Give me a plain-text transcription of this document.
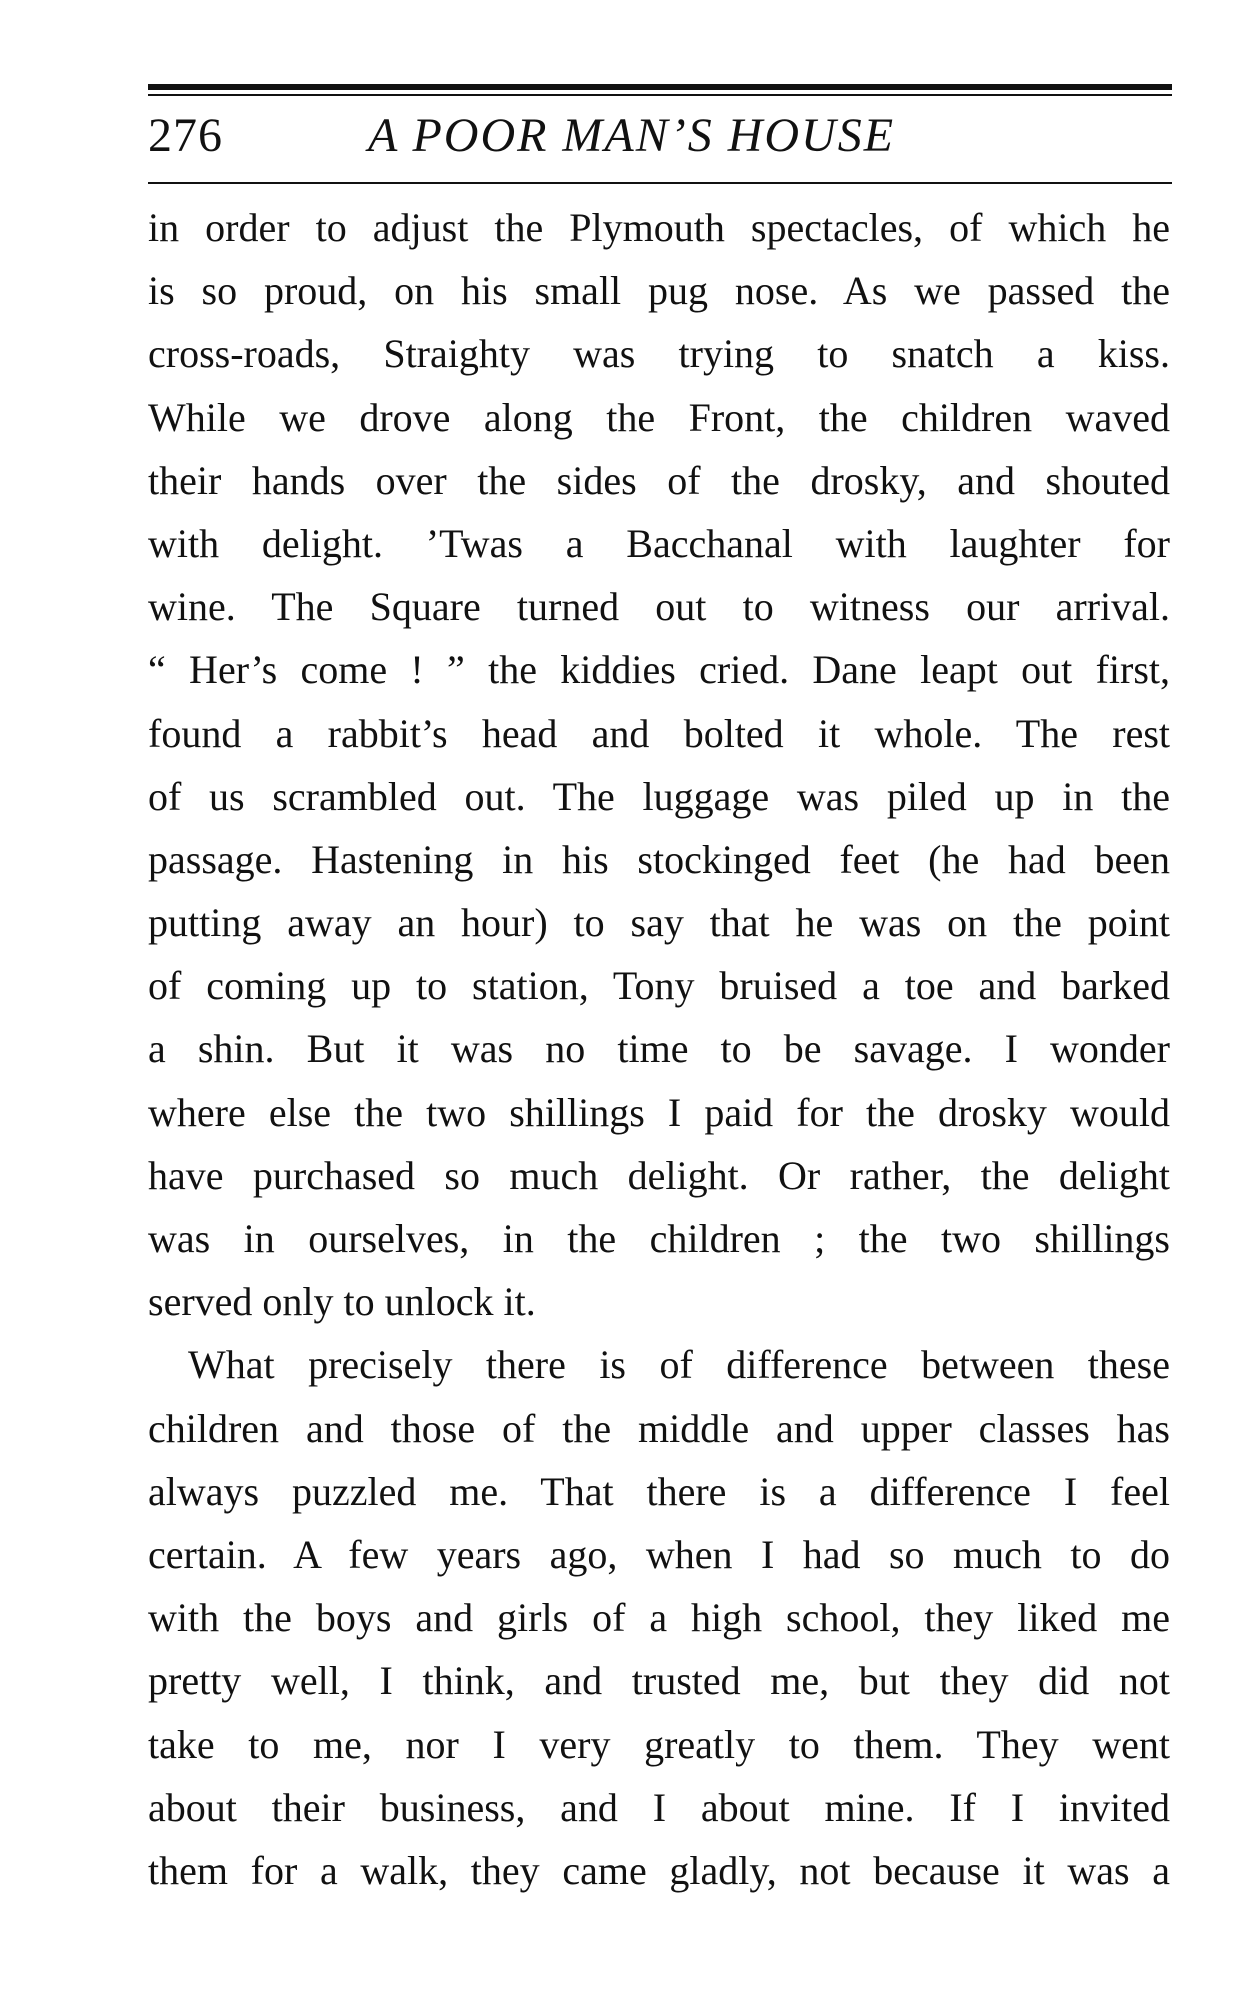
276	A POOR MAN’S HOUSE
in order to adjust the Plymouth spectacles, of which he
is so proud, on his small pug nose. As we passed the
cross-roads, Straighty was trying to snatch a kiss.
While we drove along the Front, the children waved
their hands over the sides of the drosky, and shouted
with delight. ’Twas a Bacchanal with laughter for
wine. The Square turned out to witness our arrival.
“ Her’s come ! ” the kiddies cried. Dane leapt out first,
found a rabbit’s head and bolted it whole. The rest
of us scrambled out. The luggage was piled up in the
passage. Hastening in his stockinged feet (he had been
putting away an hour) to say that he was on the point
of coming up to station, Tony bruised a toe and barked
a shin. But it was no time to be savage. I wonder
where else the two shillings I paid for the drosky would
have purchased so much delight. Or rather, the delight
was in ourselves, in the children ; the two shillings
served only to unlock it.
What precisely there is of difference between these
children and those of the middle and upper classes has
always puzzled me. That there is a difference I feel
certain. A few years ago, when I had so much to do
with the boys and girls of a high school, they liked me
pretty well, I think, and trusted me, but they did not
take to me, nor I very greatly to them. They went
about their business, and I about mine. If I invited
them for a walk, they came gladly, not because it was a
